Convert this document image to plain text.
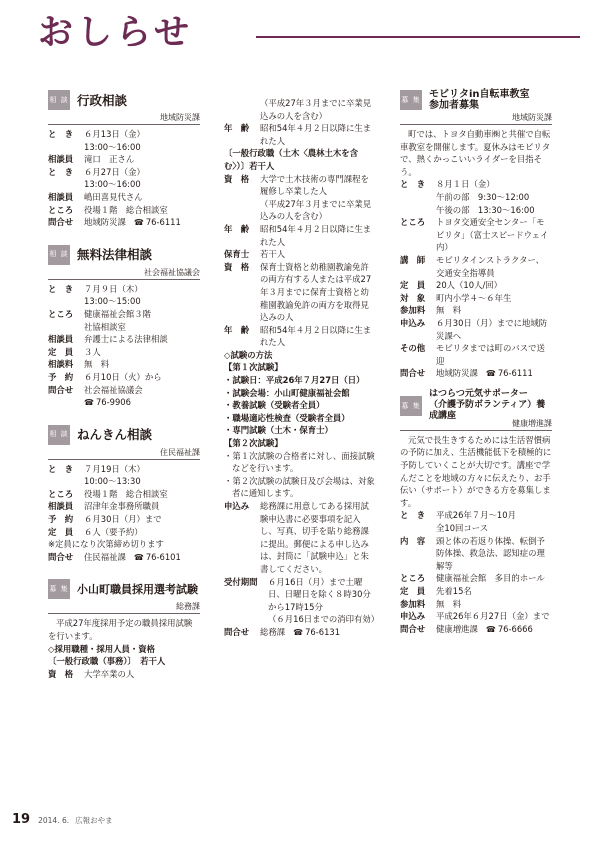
おしらせ
相 談 行政相談
地域防災課
と　き	６月13日（金）
13:00～16:00
相談員	滝口　正さん
と　き	６月27日（金）
13:00～16:00
相談員	嶋田喜見代さん
ところ	役場１階　総合相談室
問合せ	地域防災課 ☎ 76-6111
相 談 無料法律相談
社会福祉協議会
と　き	７月９日（木）
13:00～15:00
ところ	健康福祉会館３階
社協相談室
相談員	弁護士による法律相談
定　員	３人
相談料	無　料
予　約	６月10日（火）から
問合せ	社会福祉協議会
☎ 76-9906
相 談 ねんきん相談
住民福祉課
と　き	７月19日（木）
10:00～13:30
ところ	役場１階　総合相談室
相談員	沼津年金事務所職員
予　約	６月30日（月）まで
定　員	６人（要予約）
※定員になり次第締め切ります
問合せ	住民福祉課 ☎ 76-6101
募 集 小山町職員採用選考試験
総務課
平成27年度採用予定の職員採用試験を行います。
◇採用職種・採用人員・資格
〔一般行政職（事務）〕　若干人
資　格	大学卒業の人
（平成27年３月までに卒業見込みの人を含む）
年　齢	昭和54年４月２日以降に生まれた人
〔一般行政職（土木〈農林土木を含む〉）〕若干人
資　格	大学で土木技術の専門課程を履修し卒業した人
（平成27年３月までに卒業見込みの人を含む）
年　齢	昭和54年４月２日以降に生まれた人
保育士	若干人
資　格	保育士資格と幼稚園教諭免許の両方有する人または平成27年３月までに保育士資格と幼稚園教諭免許の両方を取得見込みの人
年　齢	昭和54年４月２日以降に生まれた人
◇試験の方法
【第１次試験】
・試験日：平成26年７月27日（日）
・試験会場：小山町健康福祉会館
・教養試験（受験者全員）
・職場適応性検査（受験者全員）
・専門試験（土木・保育士）
【第２次試験】
・第１次試験の合格者に対し、面接試験などを行います。
・第２次試験の試験日及び会場は、対象者に通知します。
申込み	総務課に用意してある採用試験申込書に必要事項を記入し、写真、切手を貼り総務課に提出。郵便による申し込みは、封筒に「試験申込」と朱書してください。
受付期間	６月16日（月）まで土曜日、日曜日を除く８時30分から17時15分
（６月16日までの消印有効）
問合せ	総務課 ☎ 76-6131
募 集 モビリタin自転車教室
参加者募集
地域防災課
町では、トヨタ自動車㈱と共催で自転車教室を開催します。夏休みはモビリタで、熱くかっこいいライダーを目指そう。
と　き	８月１日（金）
午前の部　9:30～12:00
午後の部　13:30～16:00
ところ	トヨタ交通安全センター「モビリタ」（富士スピードウェイ内）
講　師	モビリタインストラクター、交通安全指導員
定　員	20人（10人/回）
対　象	町内小学４～６年生
参加料	無　料
申込み	６月30日（月）までに地域防災課へ
その他	モビリタまでは町のバスで送迎
問合せ	地域防災課 ☎ 76-6111
募 集
はつらつ元気サポーター
（介護予防ボランティア）養成講座
健康増進課
元気で長生きするためには生活習慣病の予防に加え、生活機能低下を積極的に予防していくことが大切です。講座で学んだことを地域の方々に伝えたり、お手伝い（サポート）ができる方を募集します。
と　き	平成26年７月～10月
全10回コース
内　容	頭と体の若返り体操、転倒予防体操、救急法、認知症の理解等
ところ	健康福祉会館　多目的ホール
定　員	先着15名
参加料	無　料
申込み	平成26年６月27日（金）まで
問合せ	健康増進課 ☎ 76-6666
19 2014. 6. 広報おやま
